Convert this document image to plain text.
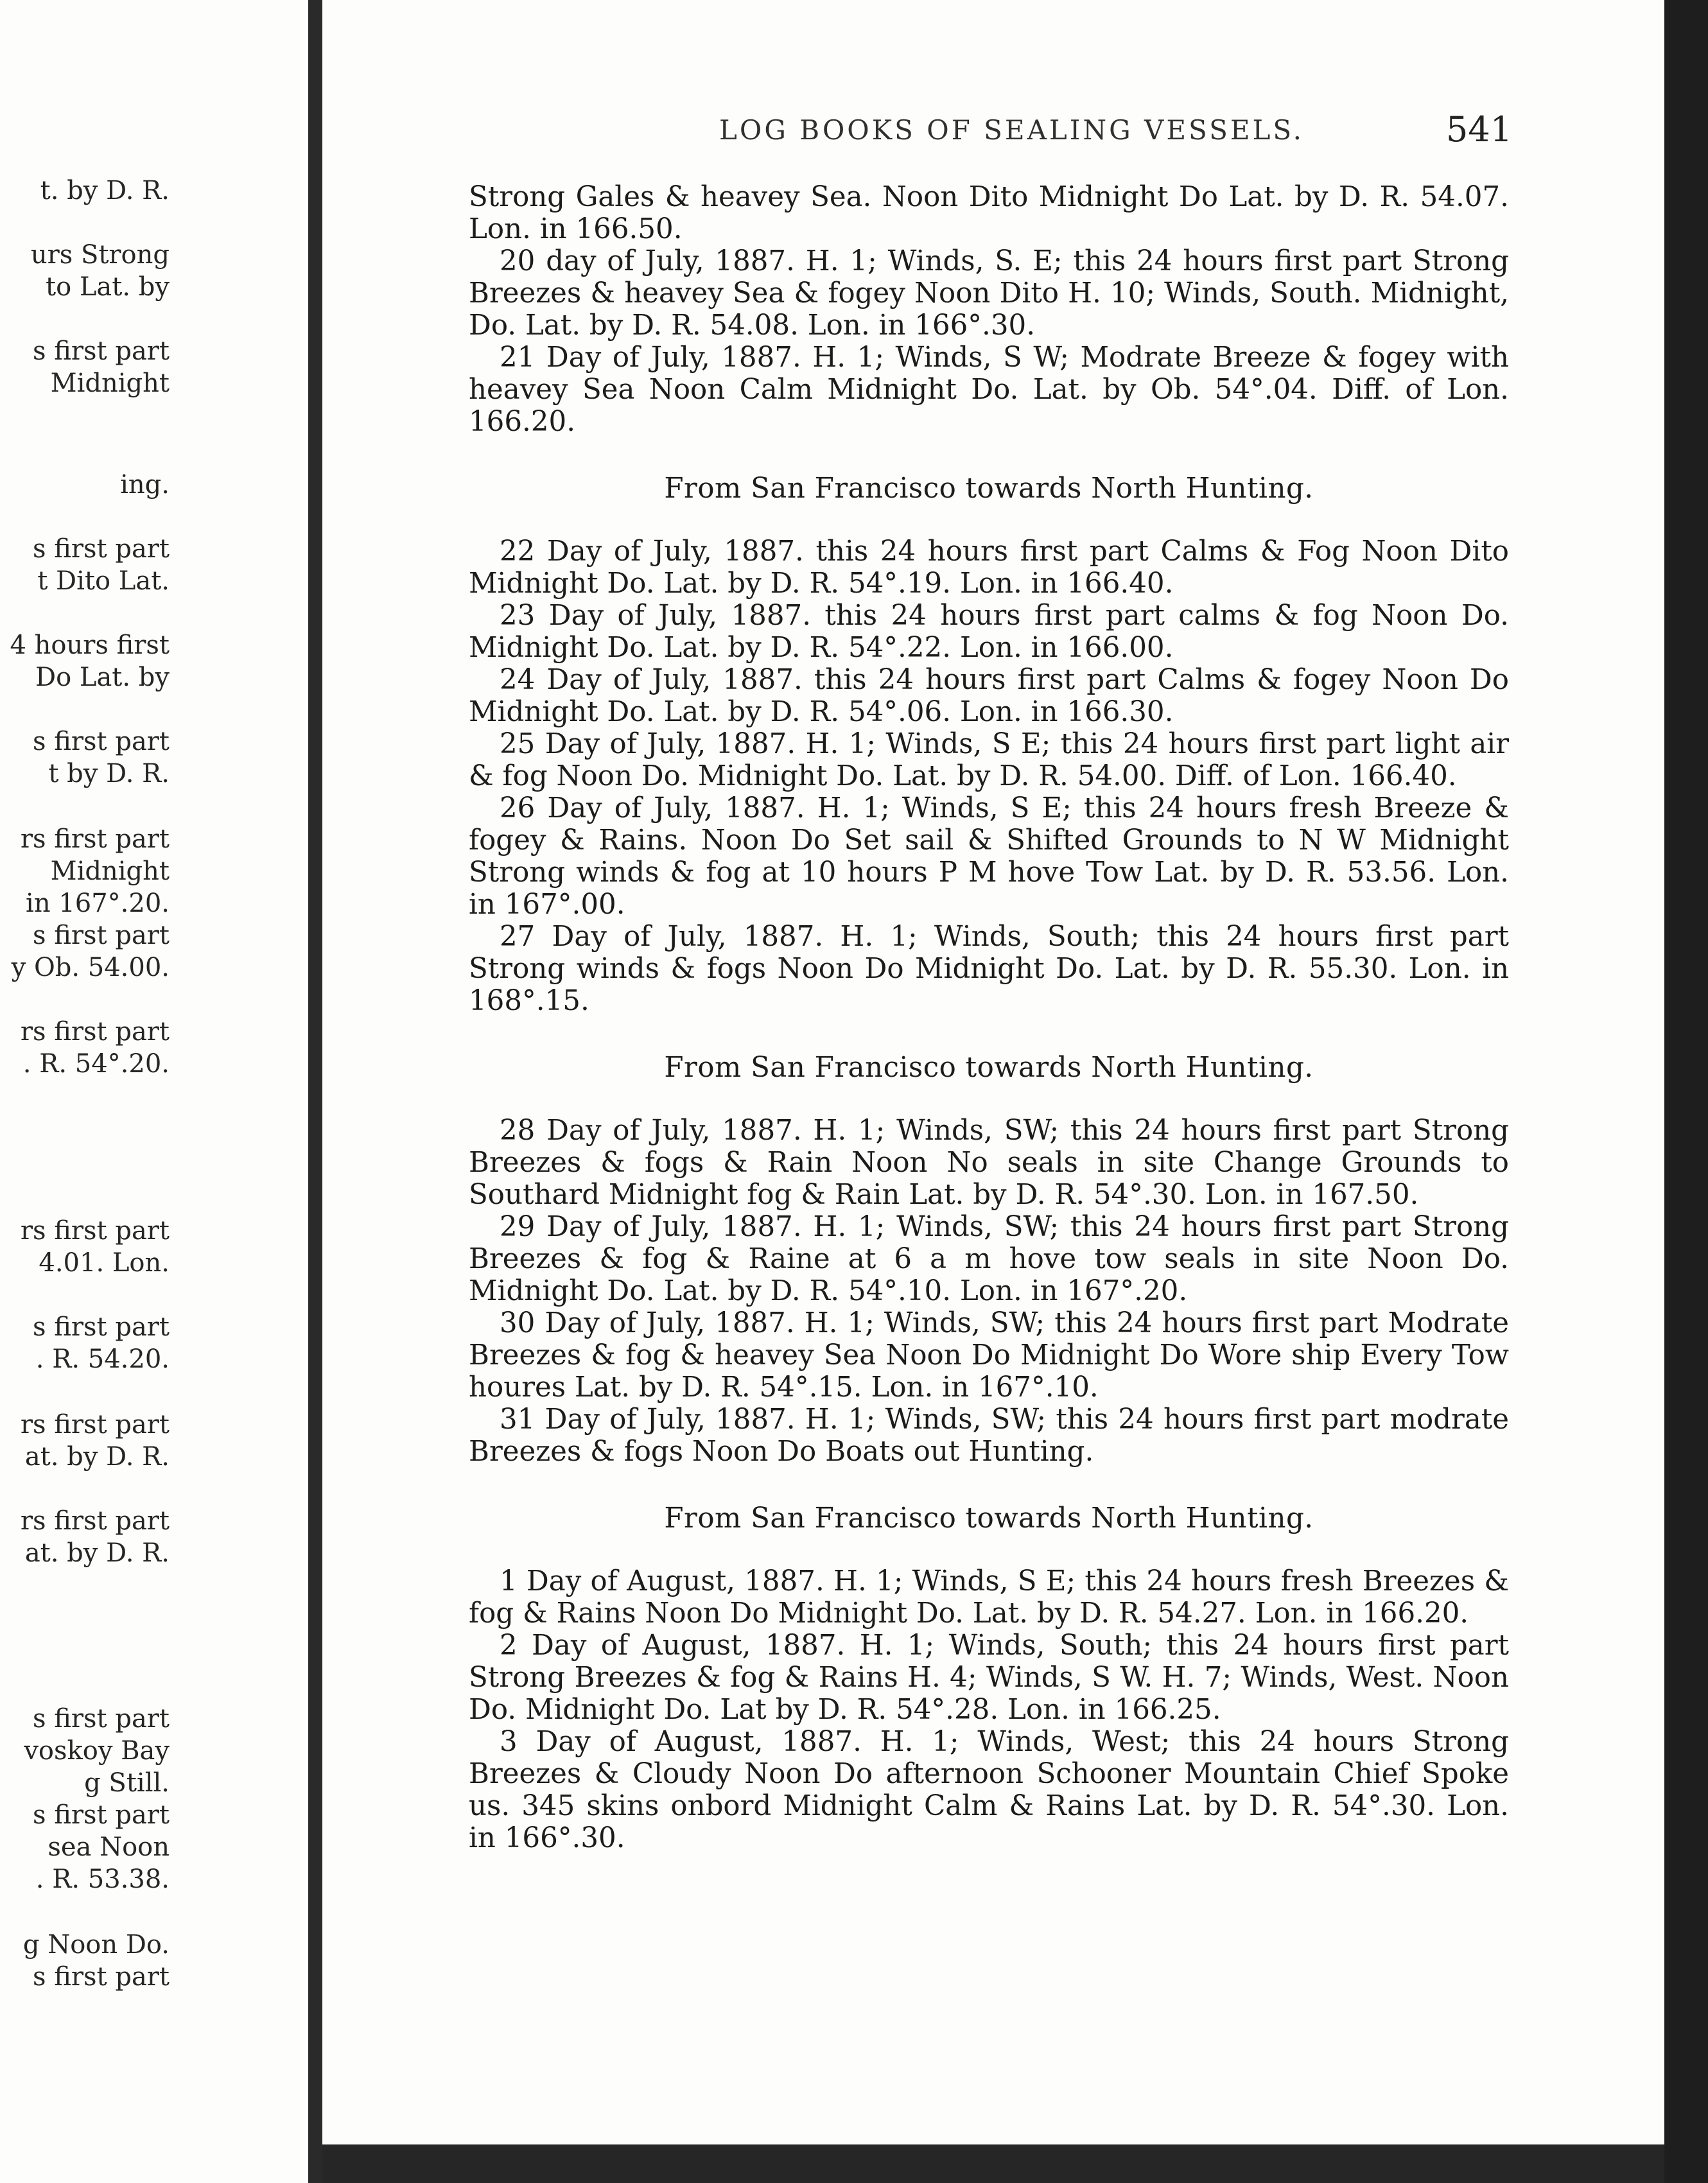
t. by D. R.
urs Strong
to Lat. by
s first part
Midnight
ing.
s first part
t Dito Lat.
4 hours first
Do Lat. by
s first part
t by D. R.
rs first part
Midnight
in 167°.20.
s first part
y Ob. 54.00.
rs first part
. R. 54°.20.
rs first part
4.01. Lon.
s first part
. R. 54.20.
rs first part
at. by D. R.
rs first part
at. by D. R.
s first part
voskoy Bay
g Still.
s first part
sea Noon
. R. 53.38.
g Noon Do.
s first part
LOG BOOKS OF SEALING VESSELS.	541

Strong Gales & heavey Sea. Noon Dito Midnight Do Lat. by D. R. 54.07. Lon. in 166.50.

20 day of July, 1887. H. 1; Winds, S. E; this 24 hours first part Strong Breezes & heavey Sea & fogey Noon Dito H. 10; Winds, South. Midnight, Do. Lat. by D. R. 54.08. Lon. in 166°.30.

21 Day of July, 1887. H. 1; Winds, S W; Modrate Breeze & fogey with heavey Sea Noon Calm Midnight Do. Lat. by Ob. 54°.04. Diff. of Lon. 166.20.

From San Francisco towards North Hunting.

22 Day of July, 1887. this 24 hours first part Calms & Fog Noon Dito Midnight Do. Lat. by D. R. 54°.19. Lon. in 166.40.

23 Day of July, 1887. this 24 hours first part calms & fog Noon Do. Midnight Do. Lat. by D. R. 54°.22. Lon. in 166.00.

24 Day of July, 1887. this 24 hours first part Calms & fogey Noon Do Midnight Do. Lat. by D. R. 54°.06. Lon. in 166.30.

25 Day of July, 1887. H. 1; Winds, S E; this 24 hours first part light air & fog Noon Do. Midnight Do. Lat. by D. R. 54.00. Diff. of Lon. 166.40.

26 Day of July, 1887. H. 1; Winds, S E; this 24 hours fresh Breeze & fogey & Rains. Noon Do Set sail & Shifted Grounds to N W Midnight Strong winds & fog at 10 hours P M hove Tow Lat. by D. R. 53.56. Lon. in 167°.00.

27 Day of July, 1887. H. 1; Winds, South; this 24 hours first part Strong winds & fogs Noon Do Midnight Do. Lat. by D. R. 55.30. Lon. in 168°.15.

From San Francisco towards North Hunting.

28 Day of July, 1887. H. 1; Winds, SW; this 24 hours first part Strong Breezes & fogs & Rain Noon No seals in site Change Grounds to Southard Midnight fog & Rain Lat. by D. R. 54°.30. Lon. in 167.50.

29 Day of July, 1887. H. 1; Winds, SW; this 24 hours first part Strong Breezes & fog & Raine at 6 a m hove tow seals in site Noon Do. Midnight Do. Lat. by D. R. 54°.10. Lon. in 167°.20.

30 Day of July, 1887. H. 1; Winds, SW; this 24 hours first part Modrate Breezes & fog & heavey Sea Noon Do Midnight Do Wore ship Every Tow houres Lat. by D. R. 54°.15. Lon. in 167°.10.

31 Day of July, 1887. H. 1; Winds, SW; this 24 hours first part modrate Breezes & fogs Noon Do Boats out Hunting.

From San Francisco towards North Hunting.

1 Day of August, 1887. H. 1; Winds, S E; this 24 hours fresh Breezes & fog & Rains Noon Do Midnight Do. Lat. by D. R. 54.27. Lon. in 166.20.

2 Day of August, 1887. H. 1; Winds, South; this 24 hours first part Strong Breezes & fog & Rains H. 4; Winds, S W. H. 7; Winds, West. Noon Do. Midnight Do. Lat by D. R. 54°.28. Lon. in 166.25.

3 Day of August, 1887. H. 1; Winds, West; this 24 hours Strong Breezes & Cloudy Noon Do afternoon Schooner Mountain Chief Spoke us. 345 skins onbord Midnight Calm & Rains Lat. by D. R. 54°.30. Lon. in 166°.30.
